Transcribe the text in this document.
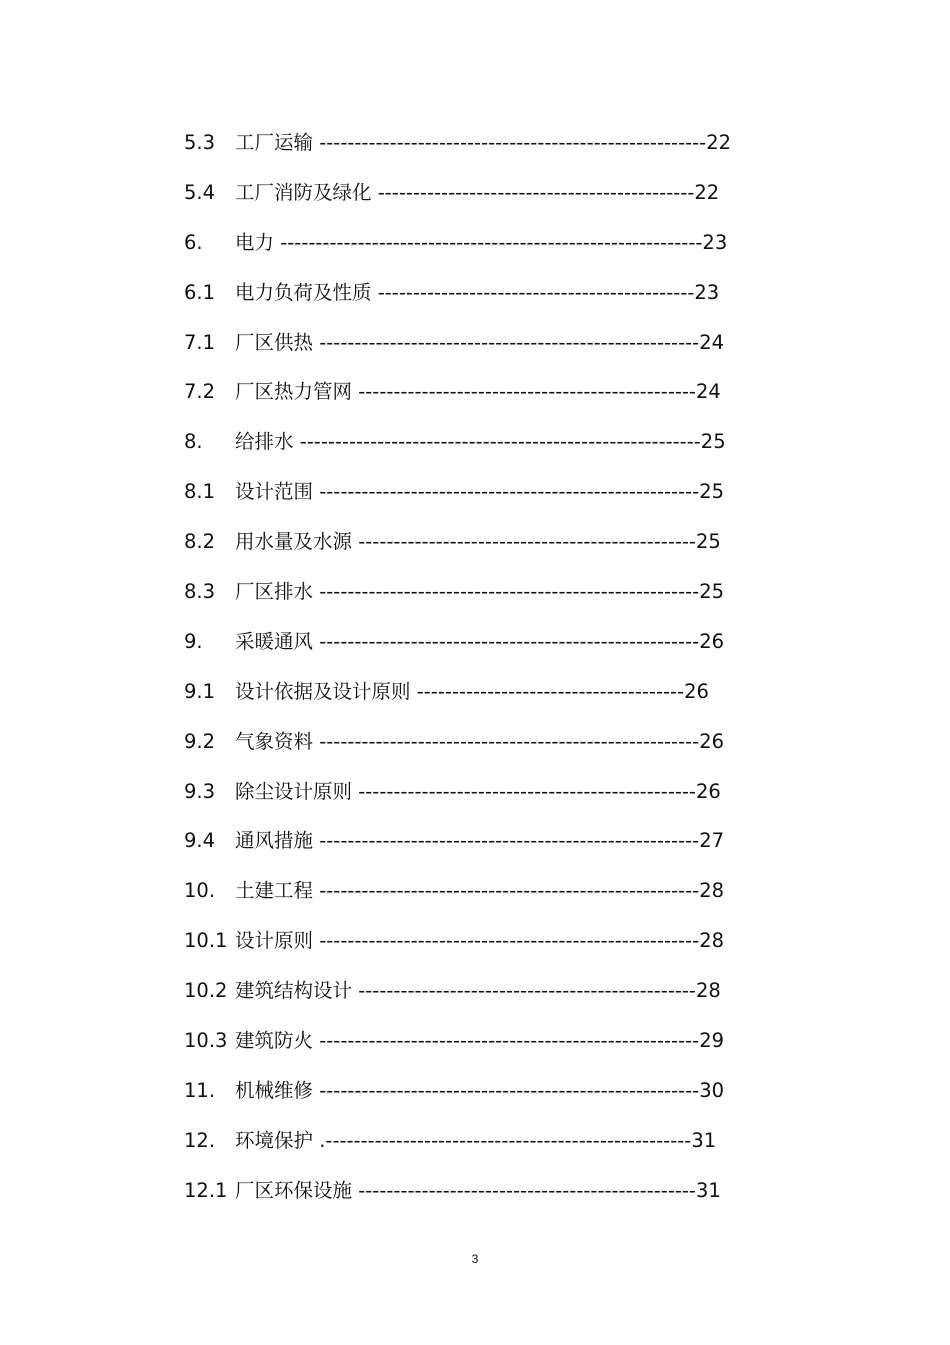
5.3 工厂运输 -------------------------------------------------------22
5.4 工厂消防及绿化 ---------------------------------------------22
6. 电力 ------------------------------------------------------------23
6.1 电力负荷及性质 ---------------------------------------------23
7.1 厂区供热 ------------------------------------------------------24
7.2 厂区热力管网 ------------------------------------------------24
8. 给排水 ---------------------------------------------------------25
8.1 设计范围 ------------------------------------------------------25
8.2 用水量及水源 ------------------------------------------------25
8.3 厂区排水 ------------------------------------------------------25
9. 采暖通风 ------------------------------------------------------26
9.1 设计依据及设计原则 --------------------------------------26
9.2 气象资料 ------------------------------------------------------26
9.3 除尘设计原则 ------------------------------------------------26
9.4 通风措施 ------------------------------------------------------27
10. 土建工程 ------------------------------------------------------28
10.1 设计原则 ------------------------------------------------------28
10.2 建筑结构设计 ------------------------------------------------28
10.3 建筑防火 ------------------------------------------------------29
11. 机械维修 ------------------------------------------------------30
12. 环境保护 .----------------------------------------------------31
12.1 厂区环保设施 ------------------------------------------------31
3
